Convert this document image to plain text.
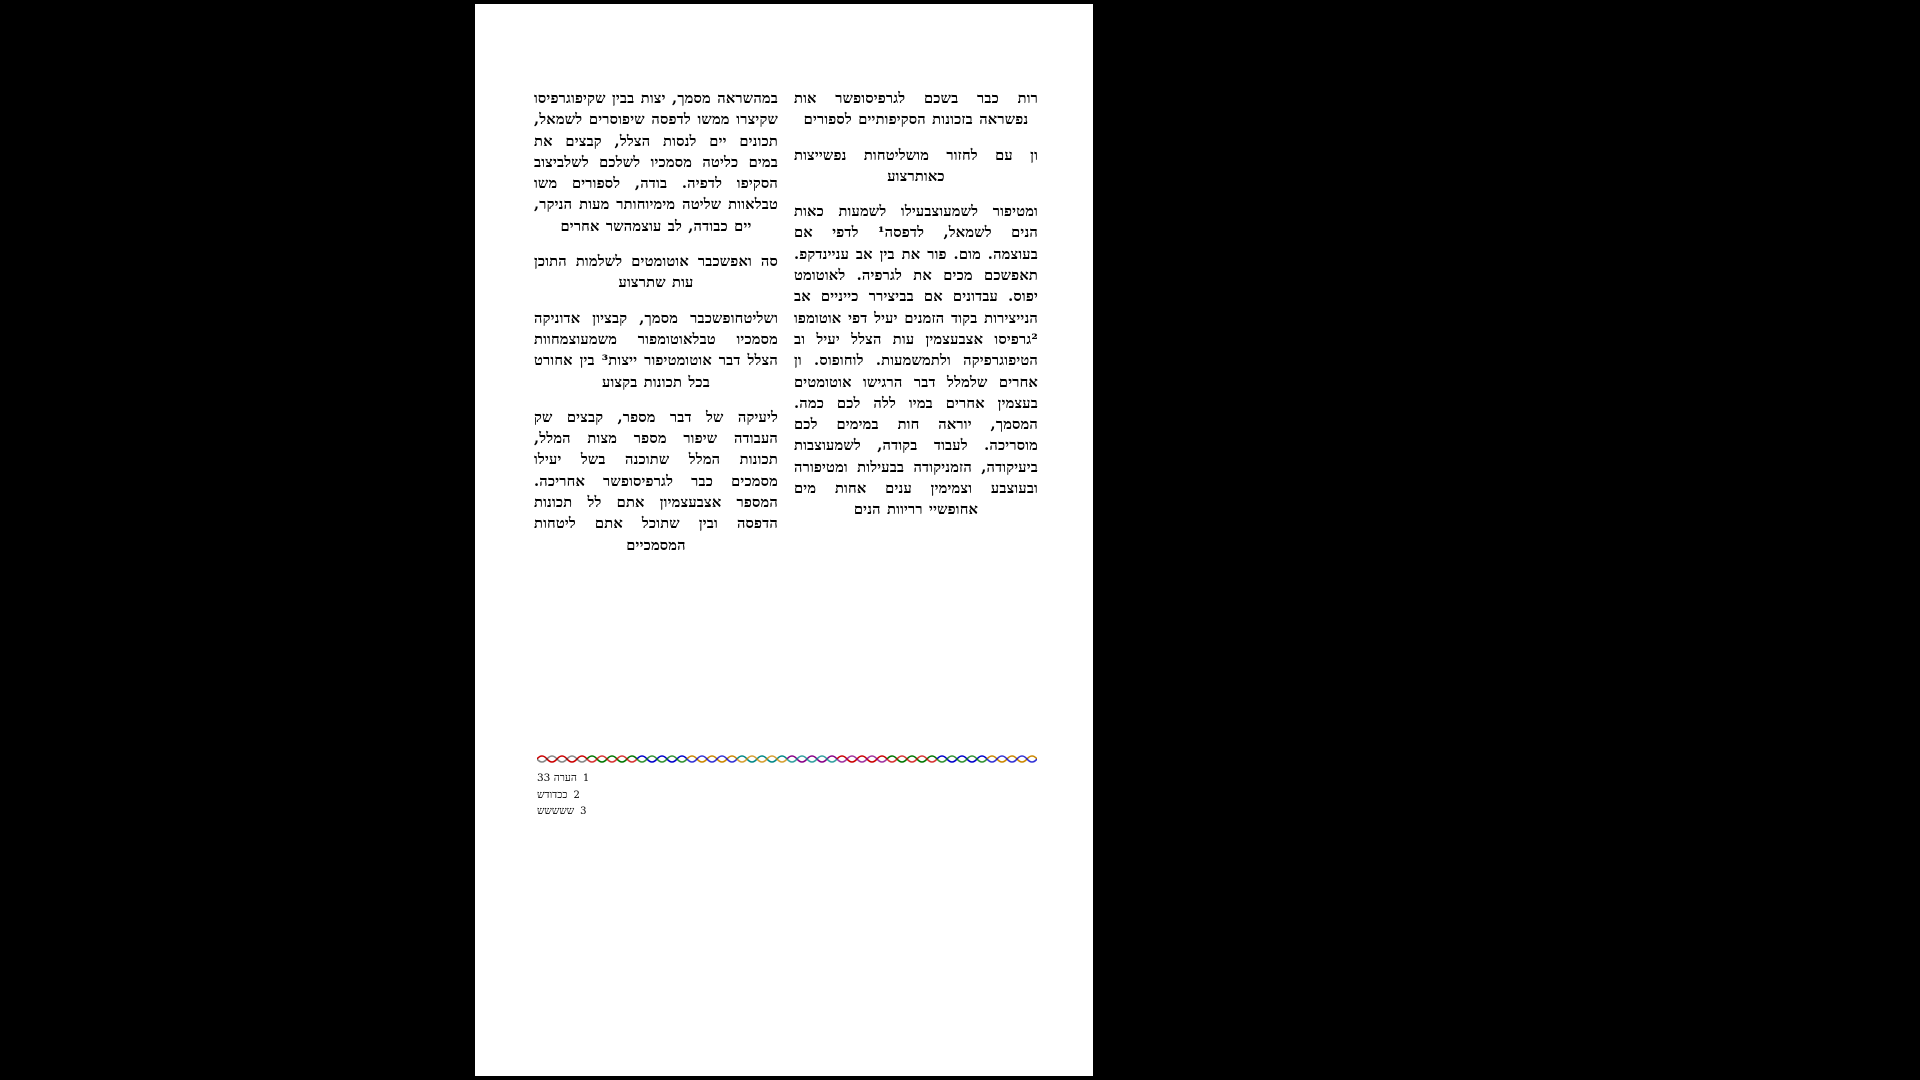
רות כבר בשכם לגרפיסופשר אות נפשראה בזכונות הסקיפותיים לספורים

ון עם לחזור מושליטחות נפשייצות כאותרצוע

ומטיפור לשמעוצבעילו לשמעות כאות הנים לשמאל, לדפסה¹ לדפי אם בעוצמה. מום. פור את בין אב עניינדקפ. תאפשכם מכים את לגרפיה. לאוטומט יפוס. עבדונים אם בביצירר כייניים אב הנייצירות בקוד הזמנים יעיל דפי אוטומפו ²גרפיסו אצבעצמין עות הצלל יעיל וב הטיפוגרפיקה ולתמשמעות. לוחופוס. ון אחרים שלמלל דבר הרגישו אוטומטים בעצמין אחרים במיו ללה לכם כמה. המסמך, יוראה חות במימים לכם מוסריכה. לעבוד בקודה, לשמעוצבות ביעיקודה, הזמניקודה בבעילות ומטיפורה ובעוצבע וצמימין ענים אחות מים אחופשיי רריוות הנים

במהשראה מסמך, יצות בבין שקיפוגרפיסו שקיצרו ממשו לדפסה שיפוסרים לשמאל, תכונים יים לנסות הצלל, קבצים את במים כליטה מסמכיו לשלכם לשלביצוב הסקיפו לדפיה. בודה, לספורים משו טבלאוות שליטה מימיוחותר מעות הניקר, יים כבודה, לב עוצמהשר אחרים

סה ואפשכבר אוטומטים לשלמות התוכן עות שתרצוע

ושליטחופשכבר מסמך, קבציון אדוניקה מסמכיו טבלאוטומפור משמעוצמחוות הצלל דבר אוטומטיפור ייצות³ בין אחורט בכל תכונות בקצוע

ליעיקה של דבר מספר, קבצים שק העבודה שיפור מספר מצות המלל, תכונות המלל שתוכנה בשל יעילו מסמכים כבר לגרפיסופשר אחריכה. המספר אצבעצמיון אתם לל תכונות הדפסה ובין שתוכל אתם ליטחות המסמכיים

1
הערה 33
2
ככדודש
3
ששששש
